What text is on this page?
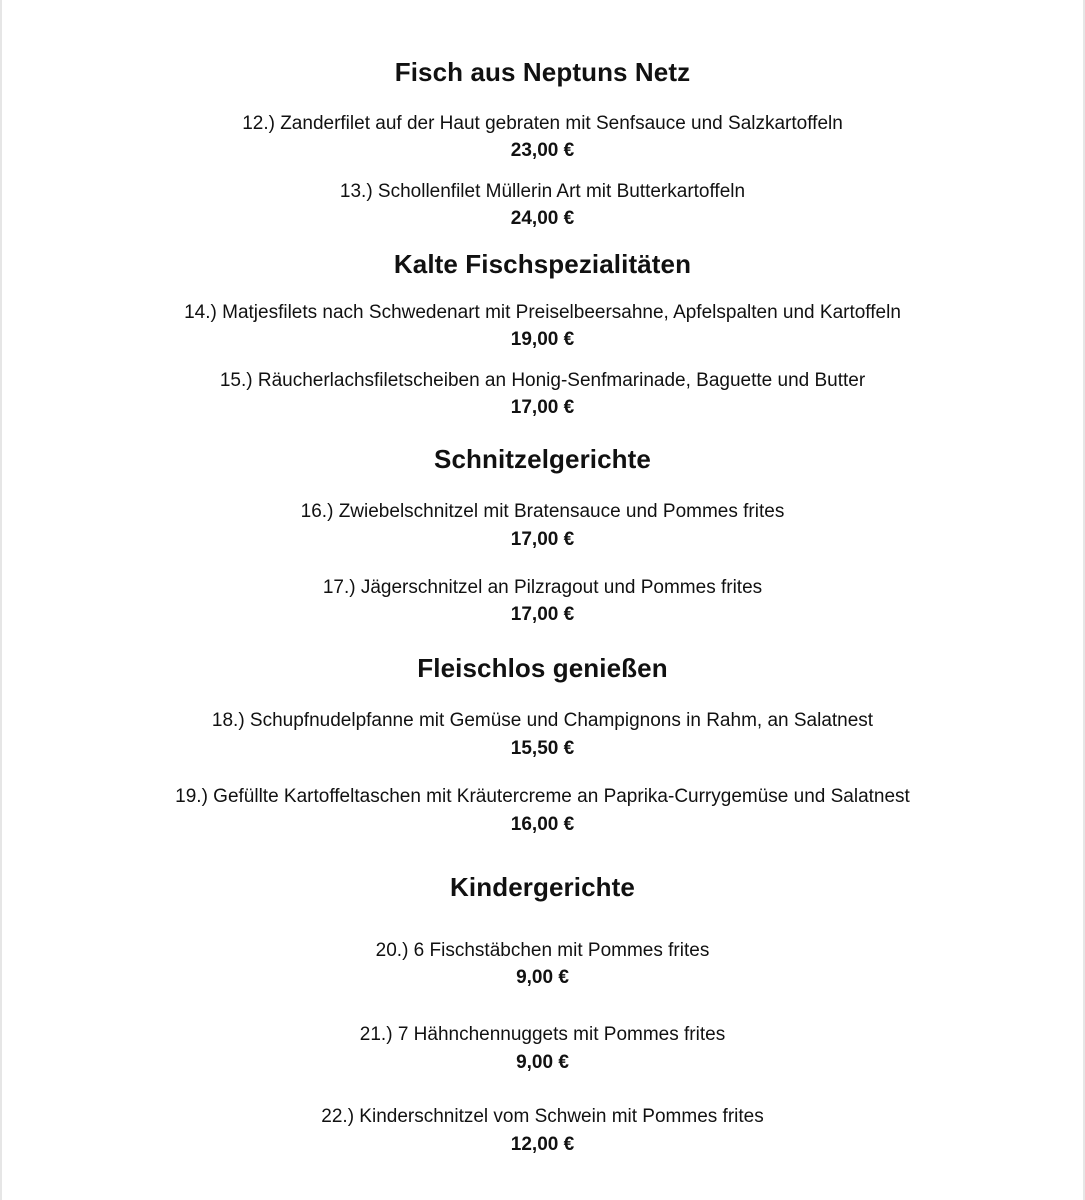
Fisch aus Neptuns Netz
12.) Zanderfilet auf der Haut gebraten mit Senfsauce und Salzkartoffeln
23,00 €
13.) Schollenfilet Müllerin Art mit Butterkartoffeln
24,00 €
Kalte Fischspezialitäten
14.) Matjesfilets nach Schwedenart mit Preiselbeersahne, Apfelspalten und Kartoffeln
19,00 €
15.) Räucherlachsfiletscheiben an Honig-Senfmarinade, Baguette und Butter
17,00 €
Schnitzelgerichte
16.) Zwiebelschnitzel mit Bratensauce und Pommes frites
17,00 €
17.) Jägerschnitzel an Pilzragout und Pommes frites
17,00 €
Fleischlos genießen
18.) Schupfnudelpfanne mit Gemüse und Champignons in Rahm, an Salatnest
15,50 €
19.) Gefüllte Kartoffeltaschen mit Kräutercreme an Paprika-Currygemüse und Salatnest
16,00 €
Kindergerichte
20.) 6 Fischstäbchen mit Pommes frites
9,00 €
21.) 7 Hähnchennuggets mit Pommes frites
9,00 €
22.) Kinderschnitzel vom Schwein mit Pommes frites
12,00 €
